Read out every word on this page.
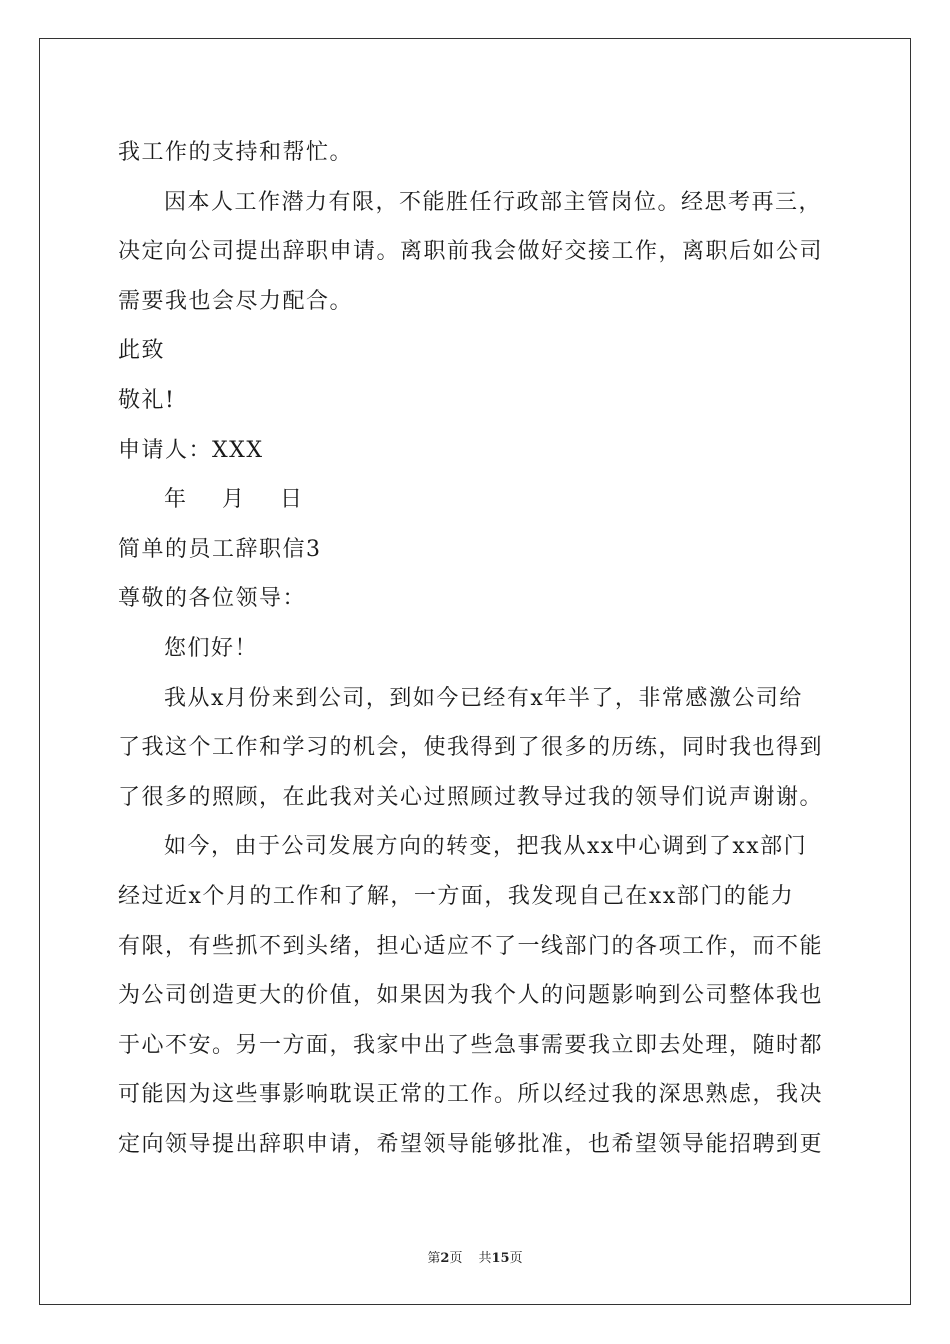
我工作的支持和帮忙。
因本人工作潜力有限，不能胜任行政部主管岗位。经思考再三，
决定向公司提出辞职申请。离职前我会做好交接工作，离职后如公司
需要我也会尽力配合。
此致
敬礼!
申请人：XXX
年 月 日
简单的员工辞职信3
尊敬的各位领导：
您们好！
我从x月份来到公司，到如今已经有x年半了，非常感激公司给
了我这个工作和学习的机会，使我得到了很多的历练，同时我也得到
了很多的照顾，在此我对关心过照顾过教导过我的领导们说声谢谢。
如今，由于公司发展方向的转变，把我从xx中心调到了xx部门
经过近x个月的工作和了解，一方面，我发现自己在xx部门的能力
有限，有些抓不到头绪，担心适应不了一线部门的各项工作，而不能
为公司创造更大的价值，如果因为我个人的问题影响到公司整体我也
于心不安。另一方面，我家中出了些急事需要我立即去处理，随时都
可能因为这些事影响耽误正常的工作。所以经过我的深思熟虑，我决
定向领导提出辞职申请，希望领导能够批准，也希望领导能招聘到更
第2页 共15页
